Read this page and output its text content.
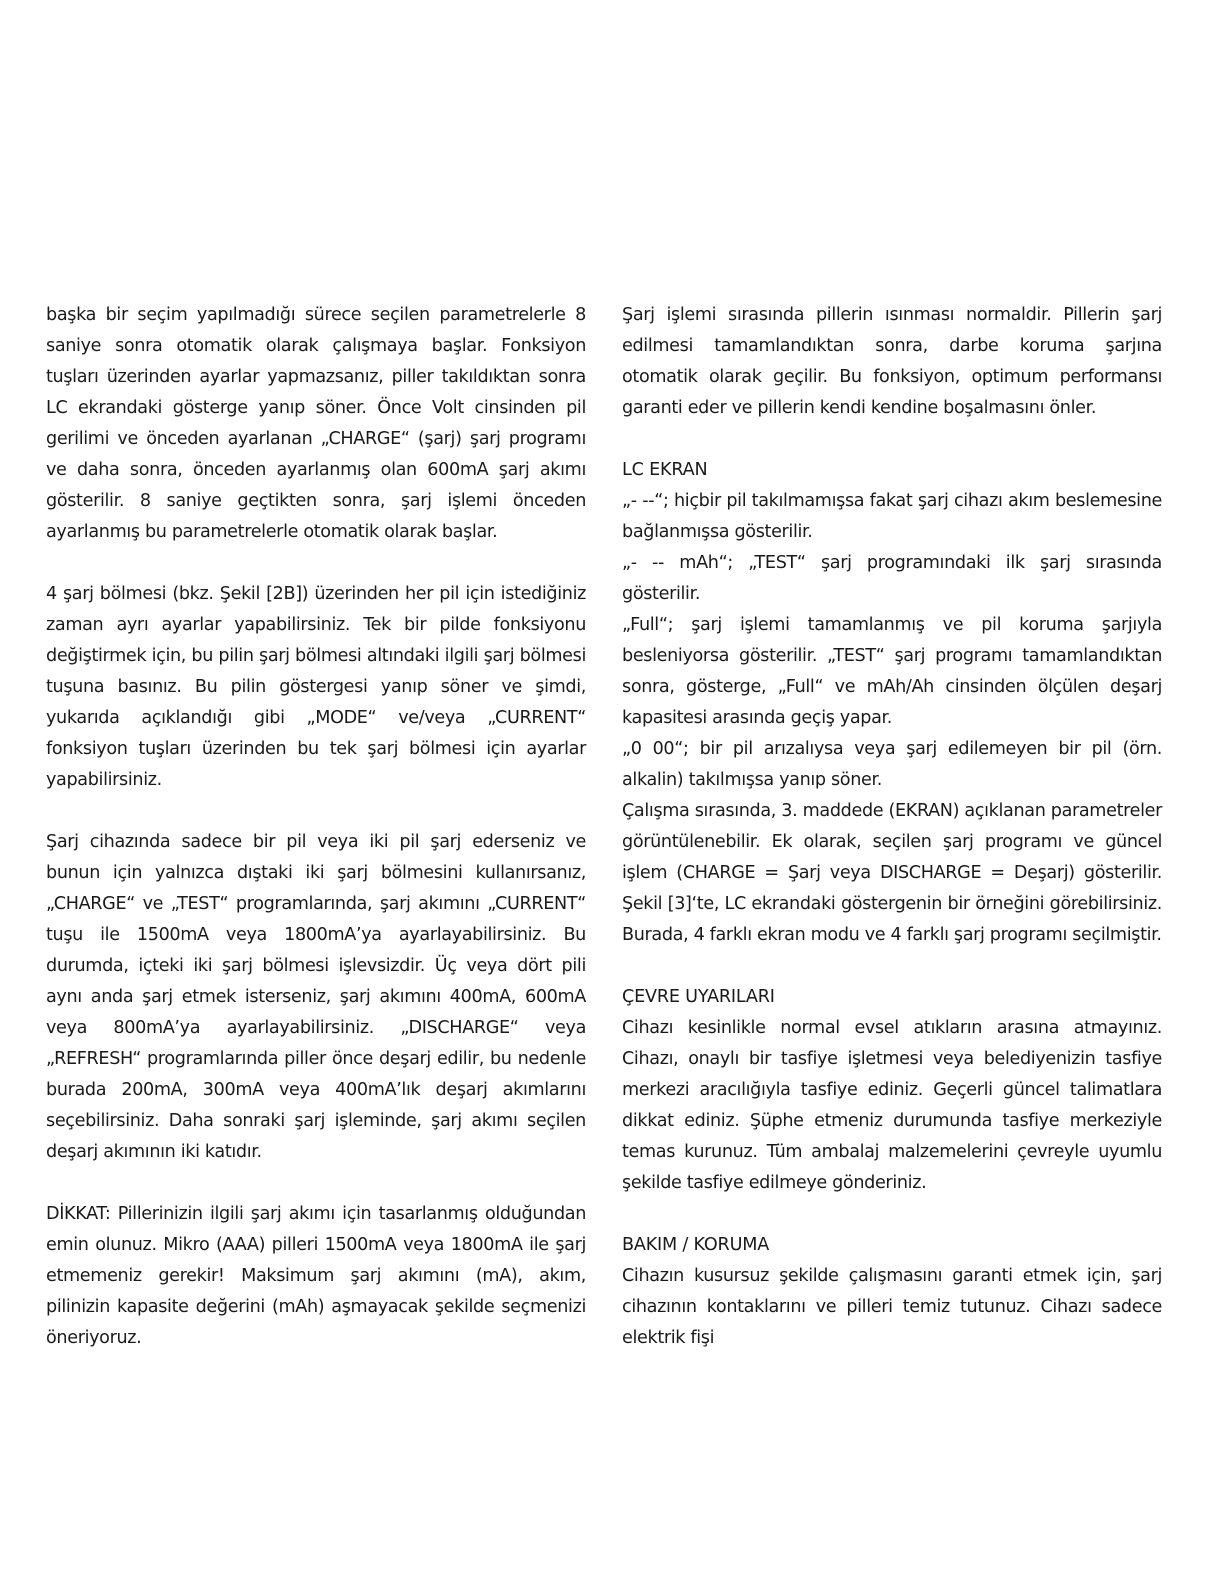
başka bir seçim yapılmadığı sürece seçilen parametrelerle 8 saniye sonra otomatik olarak çalışmaya başlar. Fonksiyon tuşları üzerinden ayarlar yapmazsanız, piller takıldıktan sonra LC ekrandaki gösterge yanıp söner. Önce Volt cinsinden pil gerilimi ve önceden ayarlanan „CHARGE“ (şarj) şarj programı ve daha sonra, önceden ayarlanmış olan 600mA şarj akımı gösterilir. 8 saniye geçtikten sonra, şarj işlemi önceden ayarlanmış bu parametrelerle otomatik olarak başlar.

4 şarj bölmesi (bkz. Şekil [2B]) üzerinden her pil için istediğiniz zaman ayrı ayarlar yapabilirsiniz. Tek bir pilde fonksiyonu değiştirmek için, bu pilin şarj bölmesi altındaki ilgili şarj bölmesi tuşuna basınız. Bu pilin göstergesi yanıp söner ve şimdi, yukarıda açıklandığı gibi „MODE“ ve/veya „CURRENT“ fonksiyon tuşları üzerinden bu tek şarj bölmesi için ayarlar yapabilirsiniz.

Şarj cihazında sadece bir pil veya iki pil şarj ederseniz ve bunun için yalnızca dıştaki iki şarj bölmesini kullanırsanız, „CHARGE“ ve „TEST“ programlarında, şarj akımını „CURRENT“ tuşu ile 1500mA veya 1800mA’ya ayarlayabilirsiniz. Bu durumda, içteki iki şarj bölmesi işlevsizdir. Üç veya dört pili aynı anda şarj etmek isterseniz, şarj akımını 400mA, 600mA veya 800mA’ya ayarlayabilirsiniz. „DISCHARGE“ veya „REFRESH“ programlarında piller önce deşarj edilir, bu nedenle burada 200mA, 300mA veya 400mA’lık deşarj akımlarını seçebilirsiniz. Daha sonraki şarj işleminde, şarj akımı seçilen deşarj akımının iki katıdır.

DİKKAT: Pillerinizin ilgili şarj akımı için tasarlanmış olduğundan emin olunuz. Mikro (AAA) pilleri 1500mA veya 1800mA ile şarj etmemeniz gerekir! Maksimum şarj akımını (mA), akım, pilinizin kapasite değerini (mAh) aşmayacak şekilde seçmenizi öneriyoruz.

Şarj işlemi sırasında pillerin ısınması normaldir. Pillerin şarj edilmesi tamamlandıktan sonra, darbe koruma şarjına otomatik olarak geçilir. Bu fonksiyon, optimum performansı garanti eder ve pillerin kendi kendine boşalmasını önler.

LC EKRAN

„- --“; hiçbir pil takılmamışsa fakat şarj cihazı akım beslemesine bağlanmışsa gösterilir.

„- -- mAh“; „TEST“ şarj programındaki ilk şarj sırasında gösterilir.

„Full“; şarj işlemi tamamlanmış ve pil koruma şarjıyla besleniyorsa gösterilir. „TEST“ şarj programı tamamlandıktan sonra, gösterge, „Full“ ve mAh/Ah cinsinden ölçülen deşarj kapasitesi arasında geçiş yapar.

„0 00“; bir pil arızalıysa veya şarj edilemeyen bir pil (örn. alkalin) takılmışsa yanıp söner.

Çalışma sırasında, 3. maddede (EKRAN) açıklanan parametreler görüntülenebilir. Ek olarak, seçilen şarj programı ve güncel işlem (CHARGE = Şarj veya DISCHARGE = Deşarj) gösterilir. Şekil [3]‘te, LC ekrandaki göstergenin bir örneğini görebilirsiniz. Burada, 4 farklı ekran modu ve 4 farklı şarj programı seçilmiştir.

ÇEVRE UYARILARI

Cihazı kesinlikle normal evsel atıkların arasına atmayınız. Cihazı, onaylı bir tasfiye işletmesi veya belediyenizin tasfiye merkezi aracılığıyla tasfiye ediniz. Geçerli güncel talimatlara dikkat ediniz. Şüphe etmeniz durumunda tasfiye merkeziyle temas kurunuz. Tüm ambalaj malzemelerini çevreyle uyumlu şekilde tasfiye edilmeye gönderiniz.

BAKIM / KORUMA

Cihazın kusursuz şekilde çalışmasını garanti etmek için, şarj cihazının kontaklarını ve pilleri temiz tutunuz. Cihazı sadece elektrik fişi
